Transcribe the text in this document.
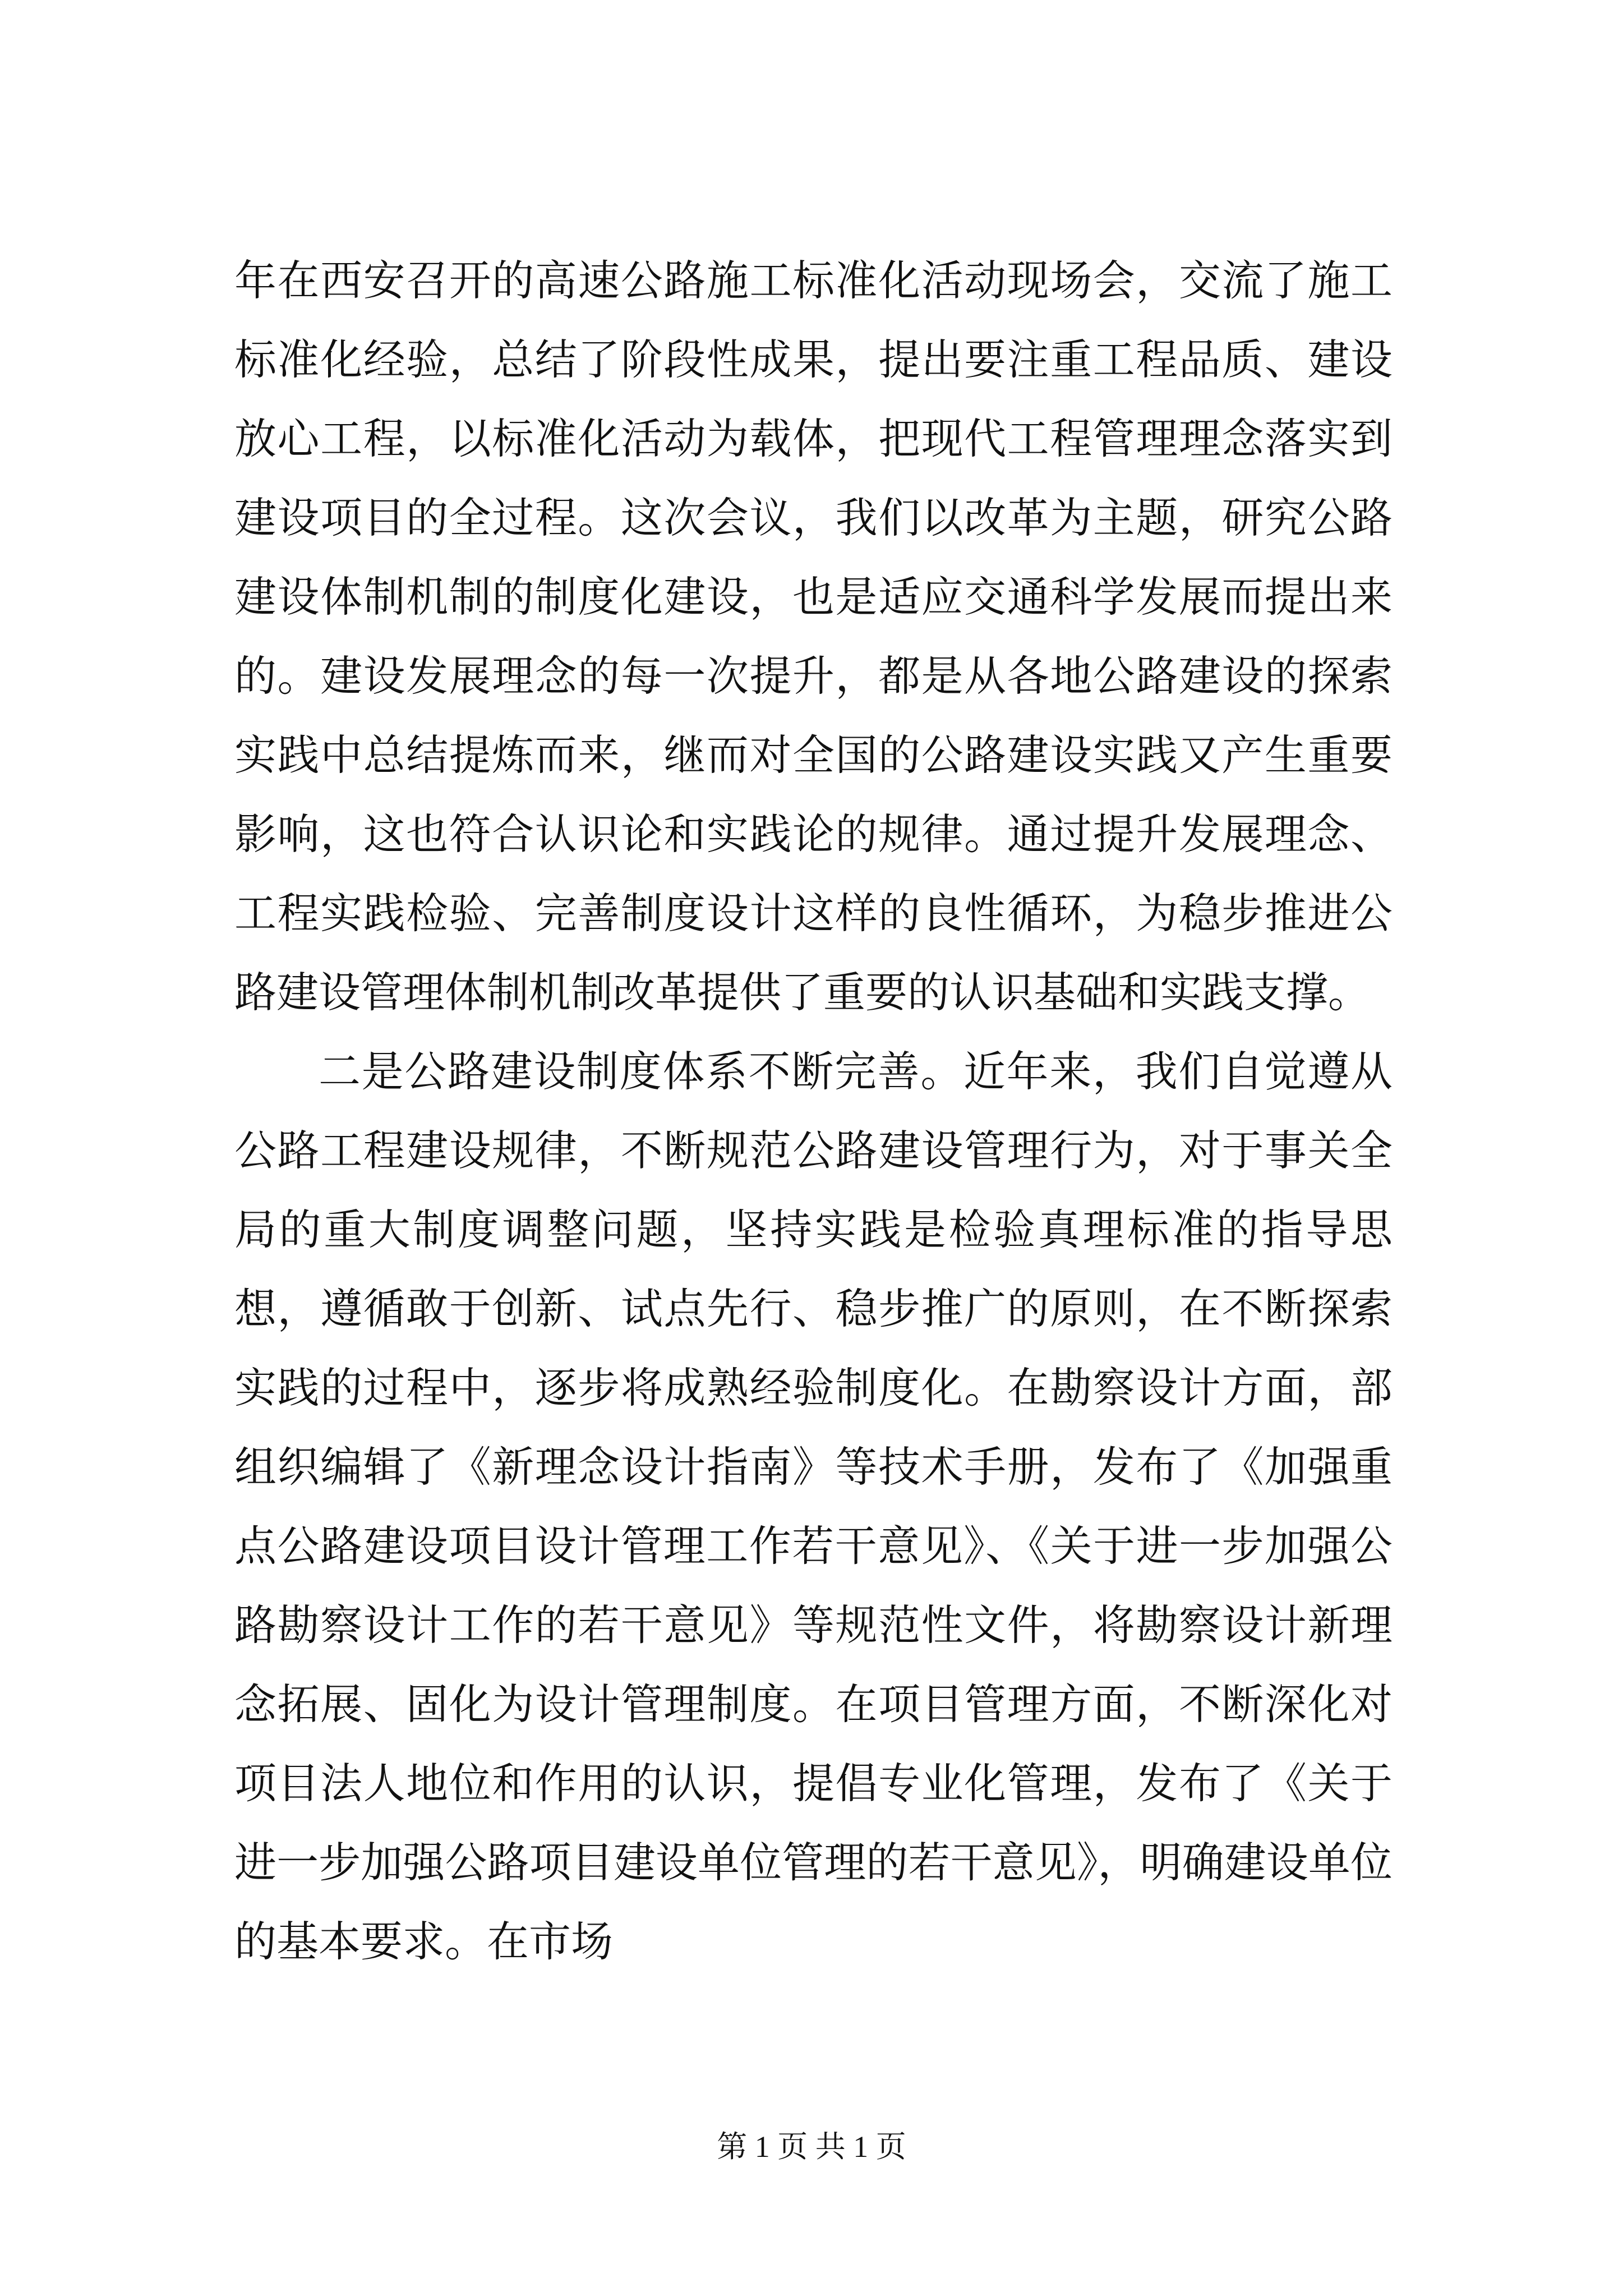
年在西安召开的高速公路施工标准化活动现场会，交流了施工标准化经验，总结了阶段性成果，提出要注重工程品质、建设放心工程，以标准化活动为载体，把现代工程管理理念落实到建设项目的全过程。这次会议，我们以改革为主题，研究公路建设体制机制的制度化建设，也是适应交通科学发展而提出来的。建设发展理念的每一次提升，都是从各地公路建设的探索实践中总结提炼而来，继而对全国的公路建设实践又产生重要影响，这也符合认识论和实践论的规律。通过提升发展理念、工程实践检验、完善制度设计这样的良性循环，为稳步推进公路建设管理体制机制改革提供了重要的认识基础和实践支撑。

二是公路建设制度体系不断完善。近年来，我们自觉遵从公路工程建设规律，不断规范公路建设管理行为，对于事关全局的重大制度调整问题，坚持实践是检验真理标准的指导思想，遵循敢于创新、试点先行、稳步推广的原则，在不断探索实践的过程中，逐步将成熟经验制度化。在勘察设计方面，部组织编辑了《新理念设计指南》等技术手册，发布了《加强重点公路建设项目设计管理工作若干意见》、《关于进一步加强公路勘察设计工作的若干意见》等规范性文件，将勘察设计新理念拓展、固化为设计管理制度。在项目管理方面，不断深化对项目法人地位和作用的认识，提倡专业化管理，发布了《关于进一步加强公路项目建设单位管理的若干意见》，明确建设单位的基本要求。在市场

第 1 页 共 1 页
